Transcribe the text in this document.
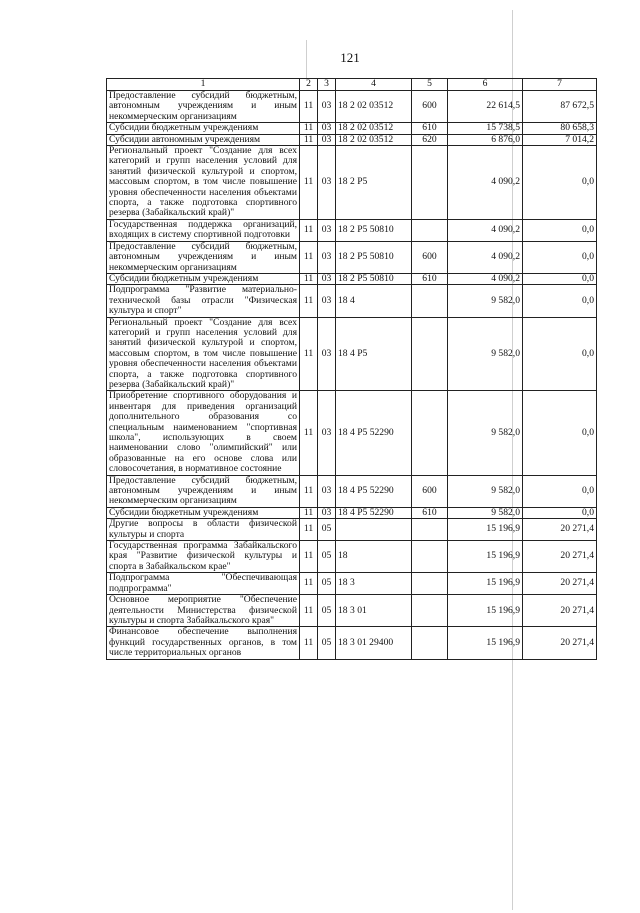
121
1	2	3	4	5	6	7
Предоставление субсидий бюджетным, автономным учреждениям и иным некоммерческим организациям	11	03	18 2 02 03512	600	22 614,5	87 672,5
Субсидии бюджетным учреждениям	11	03	18 2 02 03512	610	15 738,5	80 658,3
Субсидии автономным учреждениям	11	03	18 2 02 03512	620	6 876,0	7 014,2
Региональный проект "Создание для всех категорий и групп населения условий для занятий физической культурой и спортом, массовым спортом, в том числе повышение уровня обеспеченности населения объектами спорта, а также подготовка спортивного резерва (Забайкальский край)"	11	03	18 2 P5		4 090,2	0,0
Государственная поддержка организаций, входящих в систему спортивной подготовки	11	03	18 2 P5 50810		4 090,2	0,0
Предоставление субсидий бюджетным, автономным учреждениям и иным некоммерческим организациям	11	03	18 2 P5 50810	600	4 090,2	0,0
Субсидии бюджетным учреждениям	11	03	18 2 P5 50810	610	4 090,2	0,0
Подпрограмма "Развитие материально-технической базы отрасли "Физическая культура и спорт"	11	03	18 4		9 582,0	0,0
Региональный проект "Создание для всех категорий и групп населения условий для занятий физической культурой и спортом, массовым спортом, в том числе повышение уровня обеспеченности населения объектами спорта, а также подготовка спортивного резерва (Забайкальский край)"	11	03	18 4 P5		9 582,0	0,0
Приобретение спортивного оборудования и инвентаря для приведения организаций дополнительного образования со специальным наименованием "спортивная школа", использующих в своем наименовании слово "олимпийский" или образованные на его основе слова или словосочетания, в нормативное состояние	11	03	18 4 P5 52290		9 582,0	0,0
Предоставление субсидий бюджетным, автономным учреждениям и иным некоммерческим организациям	11	03	18 4 P5 52290	600	9 582,0	0,0
Субсидии бюджетным учреждениям	11	03	18 4 P5 52290	610	9 582,0	0,0
Другие вопросы в области физической культуры и спорта	11	05			15 196,9	20 271,4
Государственная программа Забайкальского края "Развитие физической культуры и спорта в Забайкальском крае"	11	05	18		15 196,9	20 271,4
Подпрограмма "Обеспечивающая подпрограмма"	11	05	18 3		15 196,9	20 271,4
Основное мероприятие "Обеспечение деятельности Министерства физической культуры и спорта Забайкальского края"	11	05	18 3 01		15 196,9	20 271,4
Финансовое обеспечение выполнения функций государственных органов, в том числе территориальных органов	11	05	18 3 01 29400		15 196,9	20 271,4
